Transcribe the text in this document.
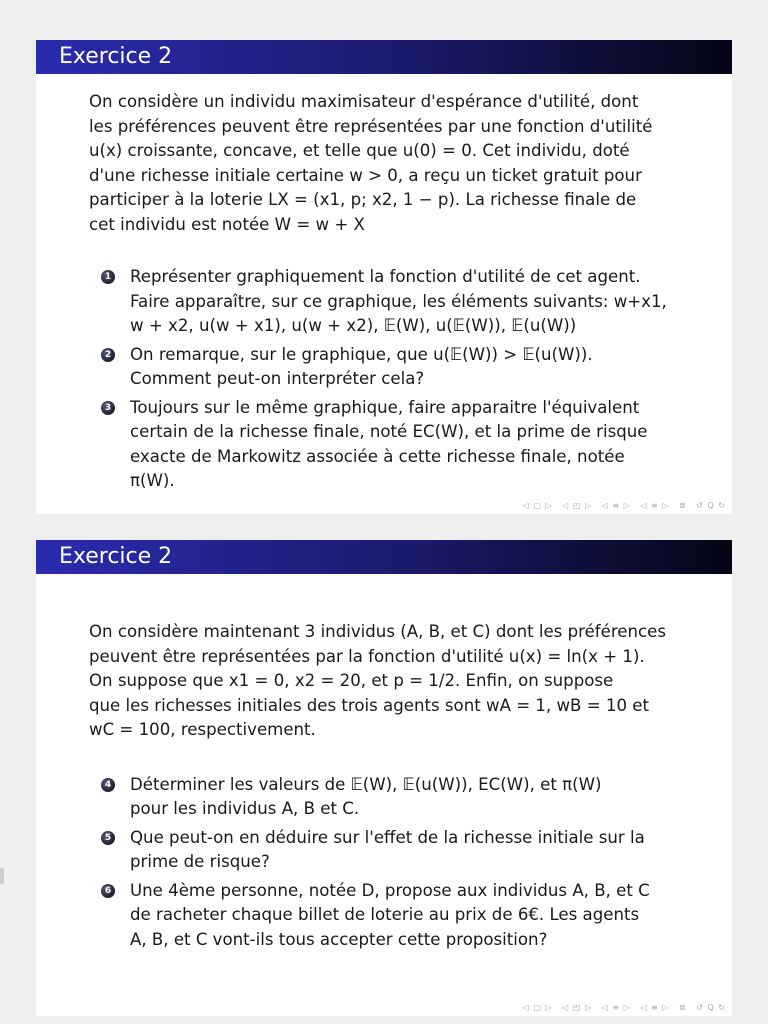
Exercice 2

On considère un individu maximisateur d'espérance d'utilité, dont
les préférences peuvent être représentées par une fonction d'utilité
u(x) croissante, concave, et telle que u(0) = 0. Cet individu, doté
d'une richesse initiale certaine w > 0, a reçu un ticket gratuit pour
participer à la loterie LX = (x1, p; x2, 1 − p). La richesse finale de
cet individu est notée W = w + X

1 Représenter graphiquement la fonction d'utilité de cet agent.
Faire apparaître, sur ce graphique, les éléments suivants: w+x1,
w + x2, u(w + x1), u(w + x2), 𝔼(W), u(𝔼(W)), 𝔼(u(W))
2 On remarque, sur le graphique, que u(𝔼(W)) > 𝔼(u(W)).
Comment peut-on interpréter cela?
3 Toujours sur le même graphique, faire apparaitre l'équivalent
certain de la richesse finale, noté EC(W), et la prime de risque
exacte de Markowitz associée à cette richesse finale, notée
π(W).
◁ ▢ ▷ ◁ ◰ ▷ ◁ ≡ ▷ ◁ ≡ ▷ ≣ ↺ Q ↻
Exercice 2

On considère maintenant 3 individus (A, B, et C) dont les préférences
peuvent être représentées par la fonction d'utilité u(x) = ln(x + 1).
On suppose que x1 = 0, x2 = 20, et p = 1/2. Enfin, on suppose
que les richesses initiales des trois agents sont wA = 1, wB = 10 et
wC = 100, respectivement.

4 Déterminer les valeurs de 𝔼(W), 𝔼(u(W)), EC(W), et π(W)
pour les individus A, B et C.
5 Que peut-on en déduire sur l'effet de la richesse initiale sur la
prime de risque?
6 Une 4ème personne, notée D, propose aux individus A, B, et C
de racheter chaque billet de loterie au prix de 6€. Les agents
A, B, et C vont-ils tous accepter cette proposition?
◁ ▢ ▷ ◁ ◰ ▷ ◁ ≡ ▷ ◁ ≡ ▷ ≣ ↺ Q ↻
